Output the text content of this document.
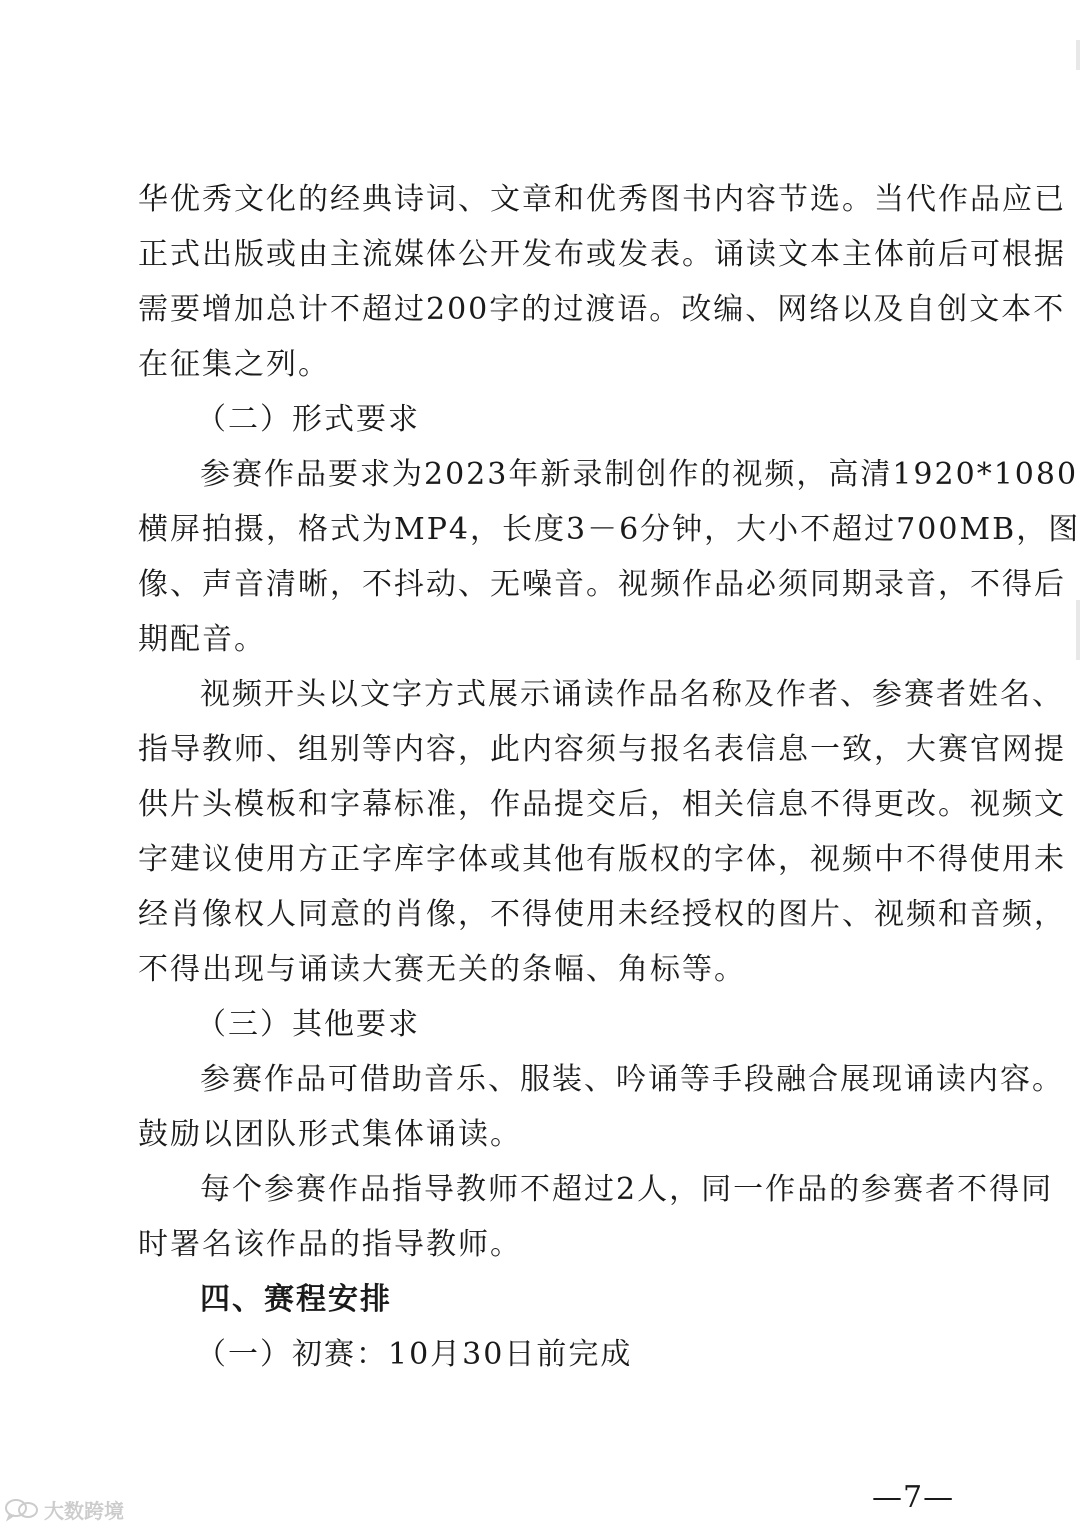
华优秀文化的经典诗词、文章和优秀图书内容节选。当代作品应已
正式出版或由主流媒体公开发布或发表。诵读文本主体前后可根据
需要增加总计不超过200字的过渡语。改编、网络以及自创文本不
在征集之列。
（二）形式要求
参赛作品要求为2023年新录制创作的视频，高清1920*1080
横屏拍摄，格式为MP4，长度3－6分钟，大小不超过700MB，图
像、声音清晰，不抖动、无噪音。视频作品必须同期录音，不得后
期配音。
视频开头以文字方式展示诵读作品名称及作者、参赛者姓名、
指导教师、组别等内容，此内容须与报名表信息一致，大赛官网提
供片头模板和字幕标准，作品提交后，相关信息不得更改。视频文
字建议使用方正字库字体或其他有版权的字体，视频中不得使用未
经肖像权人同意的肖像，不得使用未经授权的图片、视频和音频，
不得出现与诵读大赛无关的条幅、角标等。
（三）其他要求
参赛作品可借助音乐、服装、吟诵等手段融合展现诵读内容。
鼓励以团队形式集体诵读。
每个参赛作品指导教师不超过2人，同一作品的参赛者不得同
时署名该作品的指导教师。
四、赛程安排
（一）初赛：10月30日前完成
—7—
大数跨境
